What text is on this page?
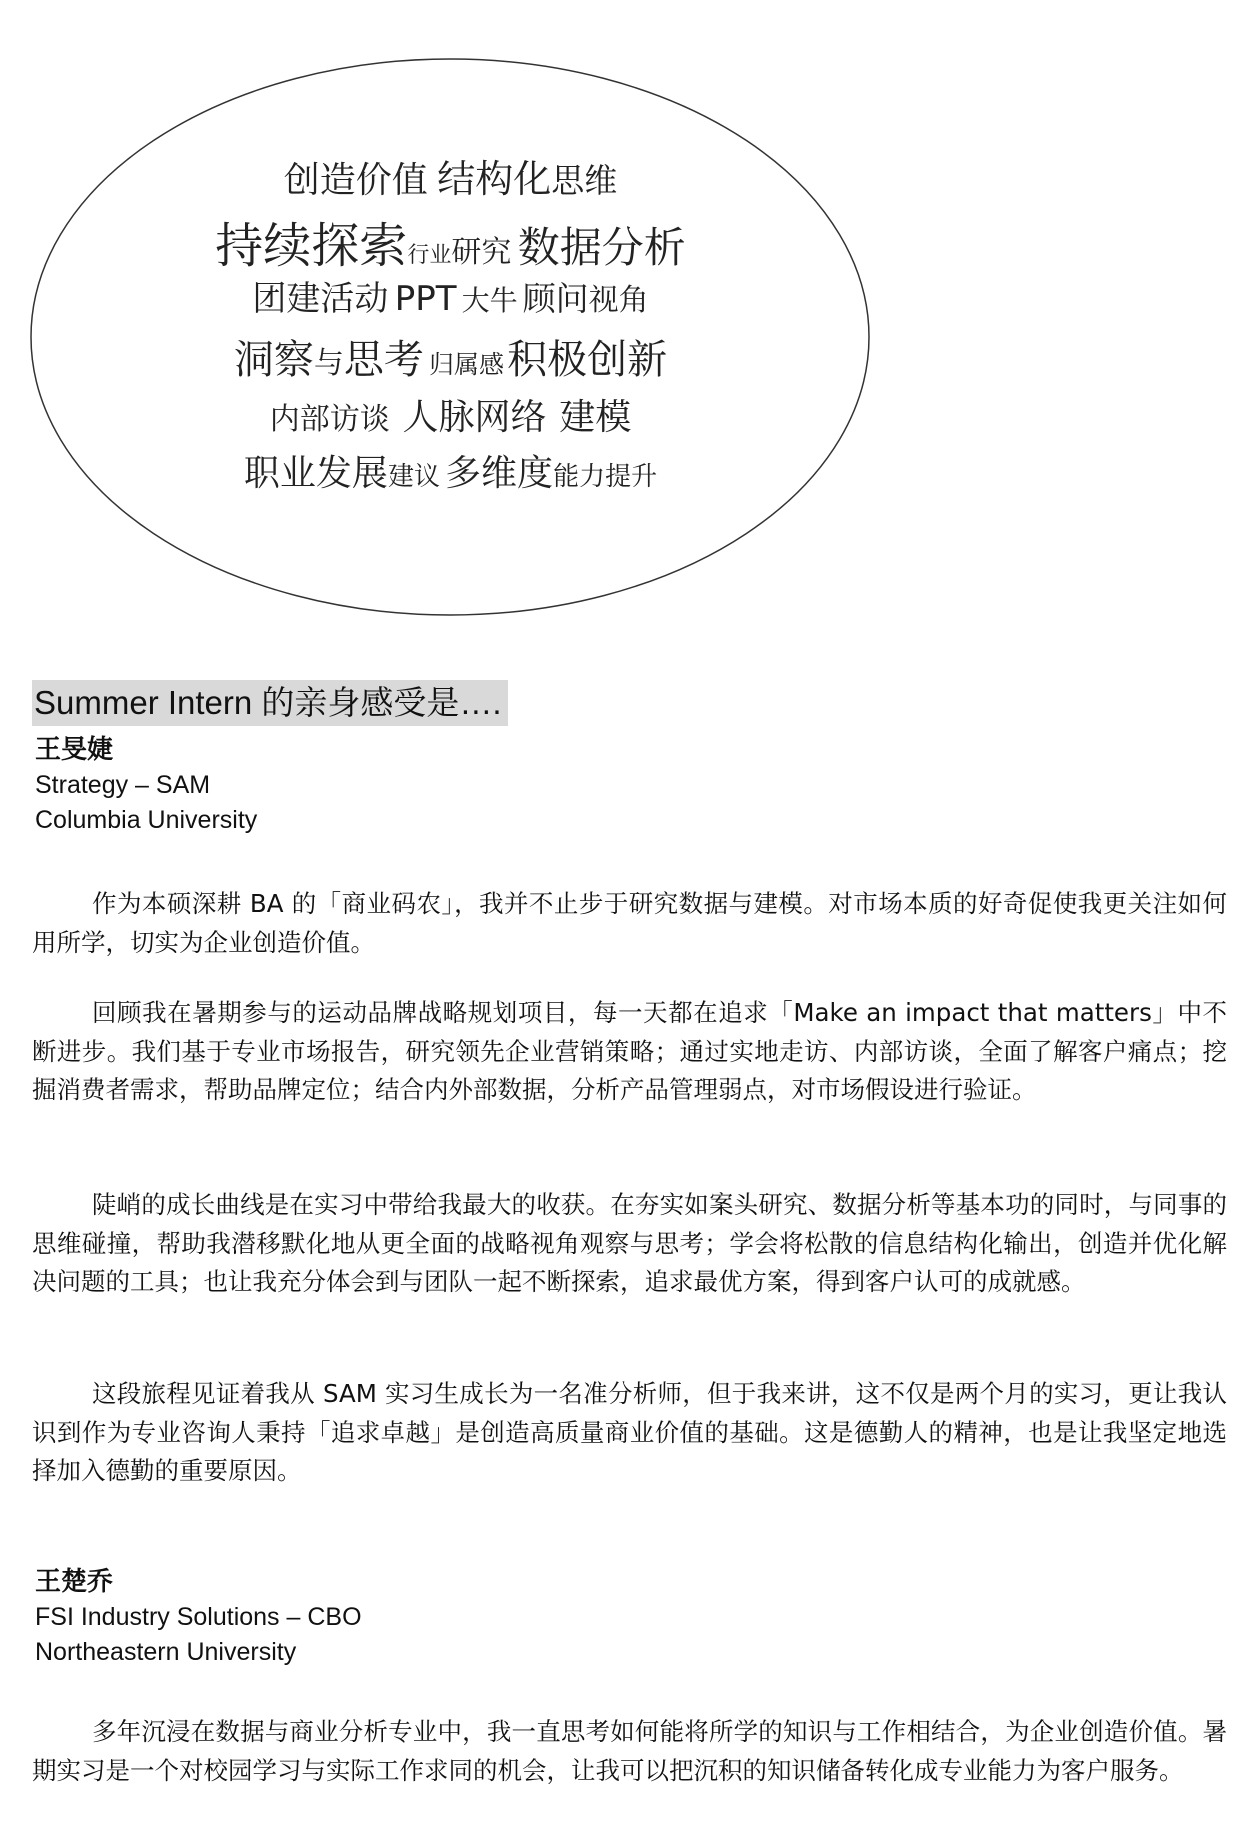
创造价值 结构化思维
持续探索行业研究 数据分析
团建活动 PPT 大牛 顾问视角
洞察与思考 归属感 积极创新
内部访谈 人脉网络 建模
职业发展建议 多维度能力提升
Summer Intern 的亲身感受是….
王旻婕
Strategy – SAM
Columbia University

作为本硕深耕 BA 的「商业码农」，我并不止步于研究数据与建模。对市场本质的好奇促使我更关注如何用所学，切实为企业创造价值。

回顾我在暑期参与的运动品牌战略规划项目，每一天都在追求「Make an impact that matters」中不断进步。我们基于专业市场报告，研究领先企业营销策略；通过实地走访、内部访谈，全面了解客户痛点；挖掘消费者需求，帮助品牌定位；结合内外部数据，分析产品管理弱点，对市场假设进行验证。

陡峭的成长曲线是在实习中带给我最大的收获。在夯实如案头研究、数据分析等基本功的同时，与同事的思维碰撞，帮助我潜移默化地从更全面的战略视角观察与思考；学会将松散的信息结构化输出，创造并优化解决问题的工具；也让我充分体会到与团队一起不断探索，追求最优方案，得到客户认可的成就感。

这段旅程见证着我从 SAM 实习生成长为一名准分析师，但于我来讲，这不仅是两个月的实习，更让我认识到作为专业咨询人秉持「追求卓越」是创造高质量商业价值的基础。这是德勤人的精神，也是让我坚定地选择加入德勤的重要原因。

王楚乔
FSI Industry Solutions – CBO
Northeastern University

多年沉浸在数据与商业分析专业中，我一直思考如何能将所学的知识与工作相结合，为企业创造价值。暑期实习是一个对校园学习与实际工作求同的机会，让我可以把沉积的知识储备转化成专业能力为客户服务。
